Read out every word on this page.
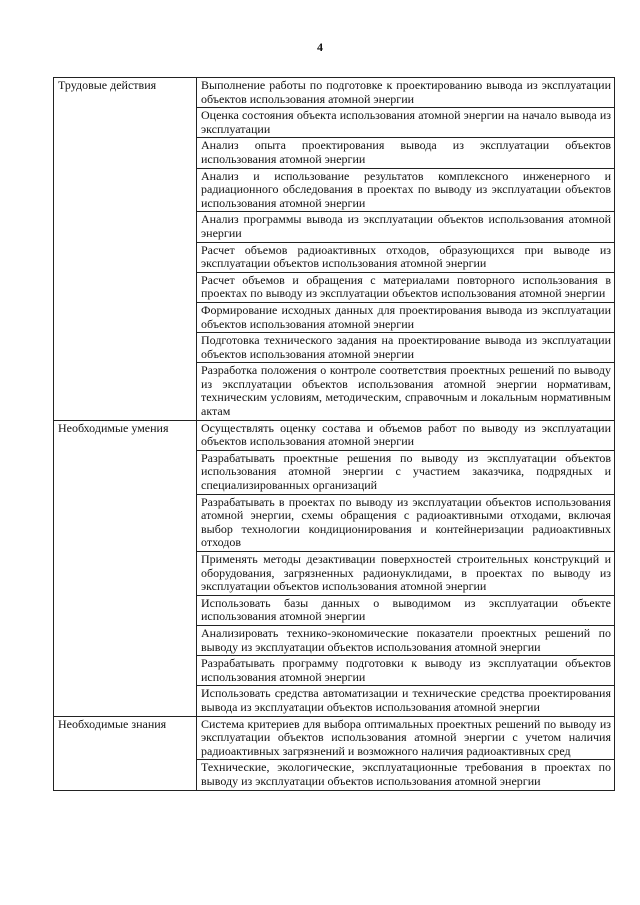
4
Трудовые действия	Выполнение работы по подготовке к проектированию вывода из эксплуатации объектов использования атомной энергии
	Оценка состояния объекта использования атомной энергии на начало вывода из эксплуатации
	Анализ опыта проектирования вывода из эксплуатации объектов использования атомной энергии
	Анализ и использование результатов комплексного инженерного и радиационного обследования в проектах по выводу из эксплуатации объектов использования атомной энергии
	Анализ программы вывода из эксплуатации объектов использования атомной энергии
	Расчет объемов радиоактивных отходов, образующихся при выводе из эксплуатации объектов использования атомной энергии
	Расчет объемов и обращения с материалами повторного использования в проектах по выводу из эксплуатации объектов использования атомной энергии
	Формирование исходных данных для проектирования вывода из эксплуатации объектов использования атомной энергии
	Подготовка технического задания на проектирование вывода из эксплуатации объектов использования атомной энергии
	Разработка положения о контроле соответствия проектных решений по выводу из эксплуатации объектов использования атомной энергии нормативам, техническим условиям, методическим, справочным и локальным нормативным актам
Необходимые умения	Осуществлять оценку состава и объемов работ по выводу из эксплуатации объектов использования атомной энергии
	Разрабатывать проектные решения по выводу из эксплуатации объектов использования атомной энергии с участием заказчика, подрядных и специализированных организаций
	Разрабатывать в проектах по выводу из эксплуатации объектов использования атомной энергии, схемы обращения с радиоактивными отходами, включая выбор технологии кондиционирования и контейнеризации радиоактивных отходов
	Применять методы дезактивации поверхностей строительных конструкций и оборудования, загрязненных радионуклидами, в проектах по выводу из эксплуатации объектов использования атомной энергии
	Использовать базы данных о выводимом из эксплуатации объекте использования атомной энергии
	Анализировать технико-экономические показатели проектных решений по выводу из эксплуатации объектов использования атомной энергии
	Разрабатывать программу подготовки к выводу из эксплуатации объектов использования атомной энергии
	Использовать средства автоматизации и технические средства проектирования вывода из эксплуатации объектов использования атомной энергии
Необходимые знания	Система критериев для выбора оптимальных проектных решений по выводу из эксплуатации объектов использования атомной энергии с учетом наличия радиоактивных загрязнений и возможного наличия радиоактивных сред
	Технические, экологические, эксплуатационные требования в проектах по выводу из эксплуатации объектов использования атомной энергии
